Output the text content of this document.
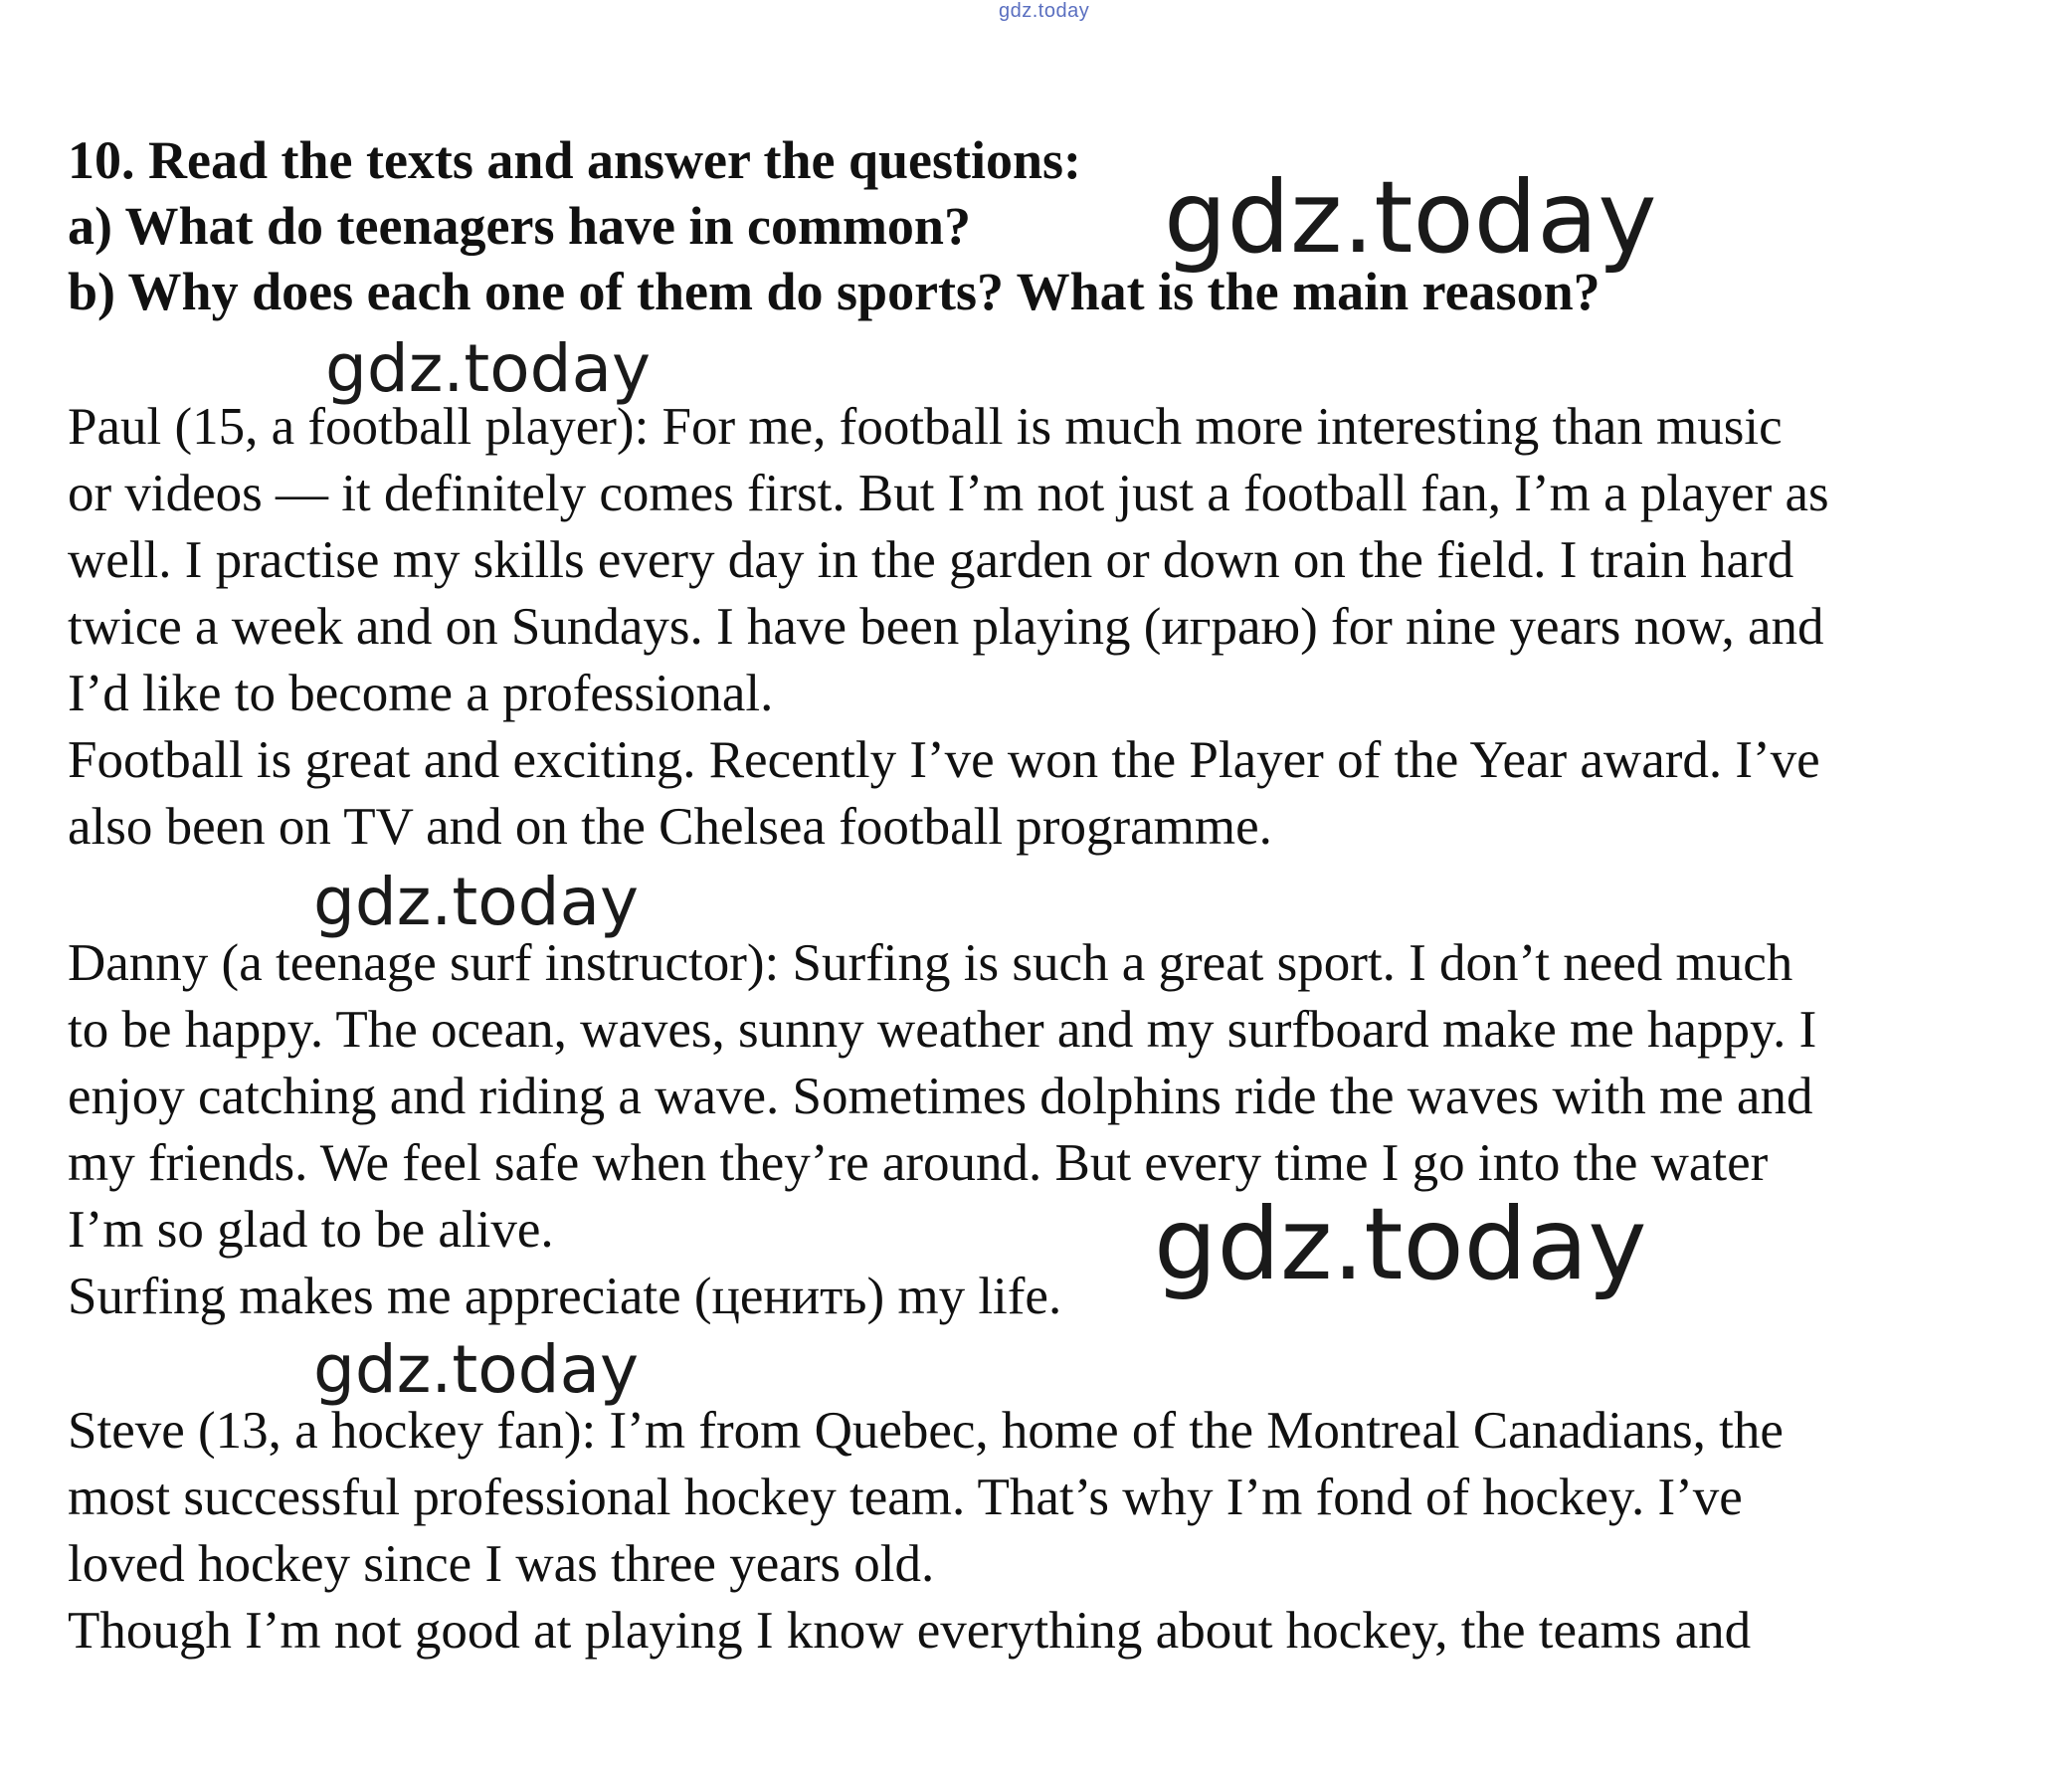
gdz.today
10. Read the texts and answer the questions:
a) What do teenagers have in common?
b) Why does each one of them do sports? What is the main reason?
Paul (15, a football player): For me, football is much more interesting than music
or videos — it definitely comes first. But I’m not just a football fan, I’m a player as
well. I practise my skills every day in the garden or down on the field. I train hard
twice a week and on Sundays. I have been playing (играю) for nine years now, and
I’d like to become a professional.
Football is great and exciting. Recently I’ve won the Player of the Year award. I’ve
also been on TV and on the Chelsea football programme.
Danny (a teenage surf instructor): Surfing is such a great sport. I don’t need much
to be happy. The ocean, waves, sunny weather and my surfboard make me happy. I
enjoy catching and riding a wave. Sometimes dolphins ride the waves with me and
my friends. We feel safe when they’re around. But every time I go into the water
I’m so glad to be alive.
Surfing makes me appreciate (ценить) my life.
Steve (13, a hockey fan): I’m from Quebec, home of the Montreal Canadians, the
most successful professional hockey team. That’s why I’m fond of hockey. I’ve
loved hockey since I was three years old.
Though I’m not good at playing I know everything about hockey, the teams and
gdz.today
gdz.today
gdz.today
gdz.today
gdz.today
